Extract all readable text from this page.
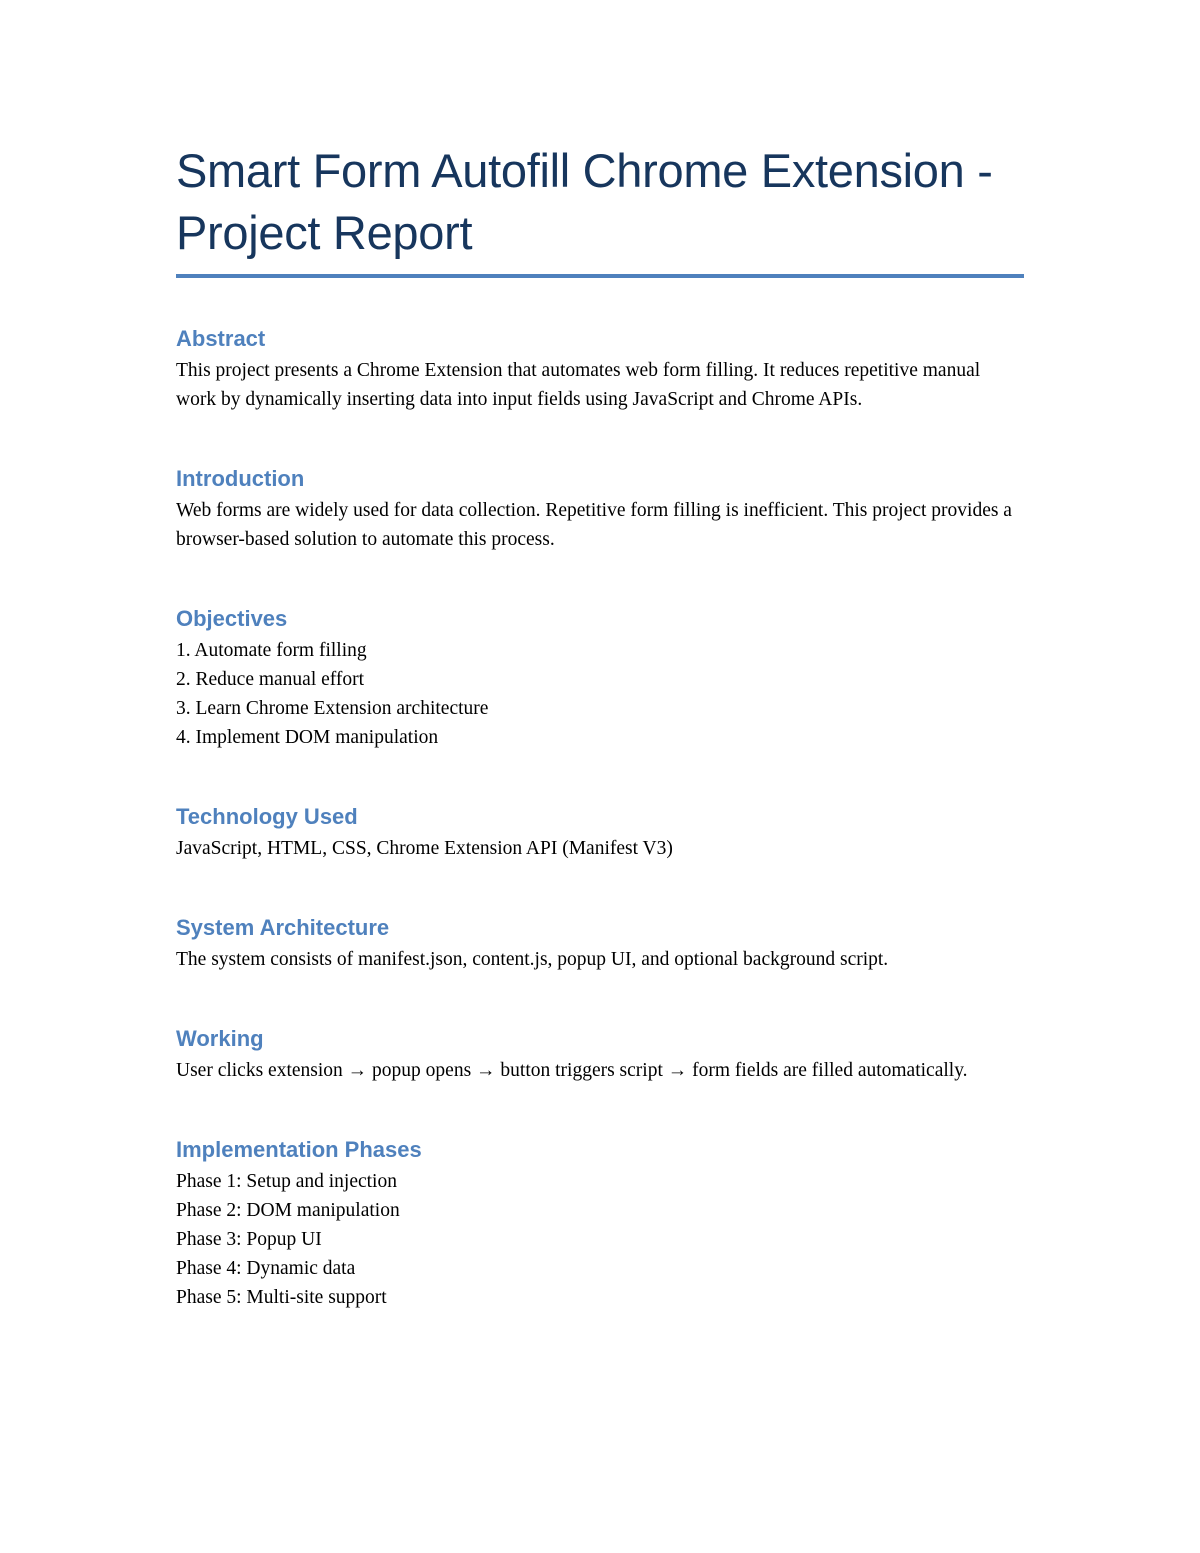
Smart Form Autofill Chrome Extension - Project Report
Abstract

This project presents a Chrome Extension that automates web form filling. It reduces repetitive manual work by dynamically inserting data into input fields using JavaScript and Chrome APIs.

Introduction

Web forms are widely used for data collection. Repetitive form filling is inefficient. This project provides a browser-based solution to automate this process.

Objectives

1. Automate form filling

2. Reduce manual effort

3. Learn Chrome Extension architecture

4. Implement DOM manipulation

Technology Used

JavaScript, HTML, CSS, Chrome Extension API (Manifest V3)

System Architecture

The system consists of manifest.json, content.js, popup UI, and optional background script.

Working

User clicks extension → popup opens → button triggers script → form fields are filled automatically.

Implementation Phases

Phase 1: Setup and injection

Phase 2: DOM manipulation

Phase 3: Popup UI

Phase 4: Dynamic data

Phase 5: Multi-site support
